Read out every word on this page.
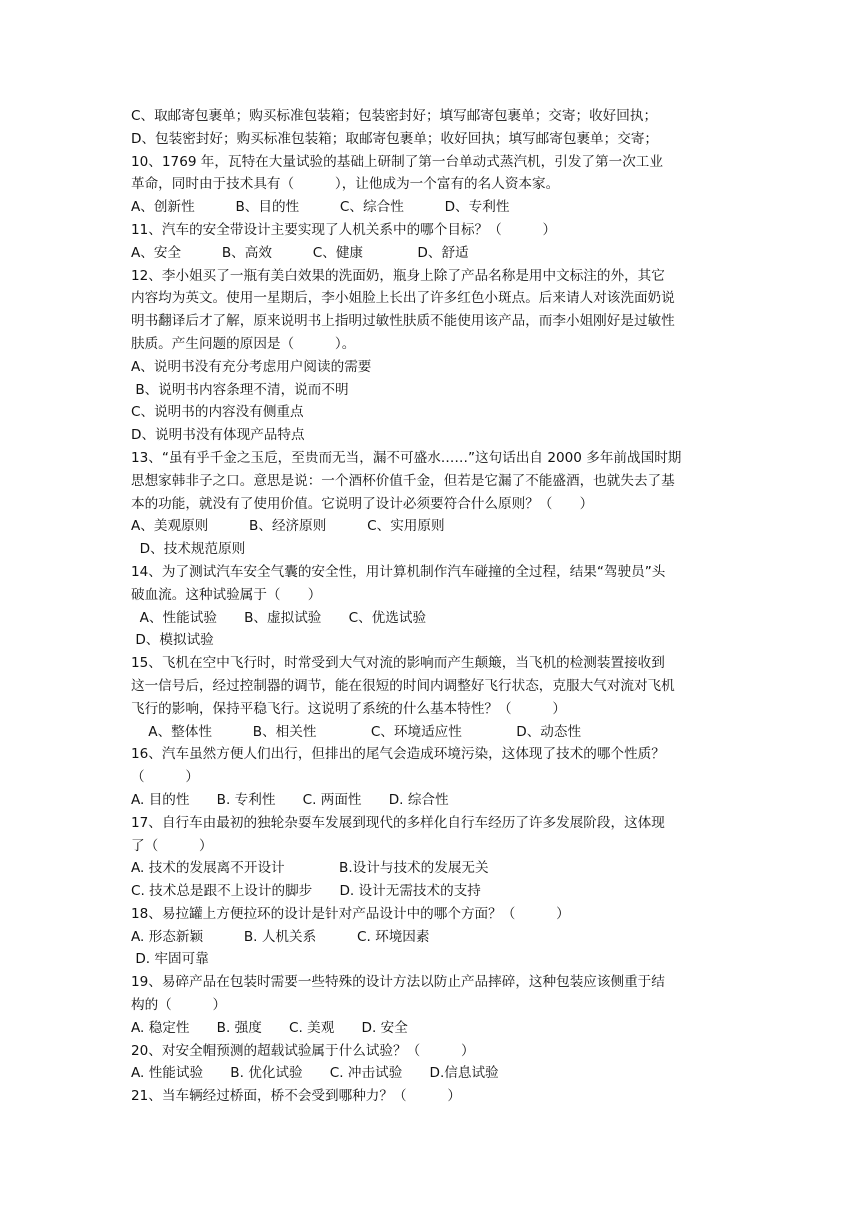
C、取邮寄包裹单；购买标准包装箱；包装密封好；填写邮寄包裹单；交寄；收好回执；
D、包装密封好；购买标准包装箱；取邮寄包裹单；收好回执；填写邮寄包裹单；交寄；
10、1769 年，瓦特在大量试验的基础上研制了第一台单动式蒸汽机，引发了第一次工业
革命，同时由于技术具有（　　　），让他成为一个富有的名人资本家。
A、创新性　　　B、目的性　　　C、综合性　　　D、专利性
11、汽车的安全带设计主要实现了人机关系中的哪个目标？（　　　）
A、安全　　　B、高效　　　C、健康　　　　D、舒适
12、李小姐买了一瓶有美白效果的洗面奶，瓶身上除了产品名称是用中文标注的外，其它
内容均为英文。使用一星期后，李小姐脸上长出了许多红色小斑点。后来请人对该洗面奶说
明书翻译后才了解，原来说明书上指明过敏性肤质不能使用该产品，而李小姐刚好是过敏性
肤质。产生问题的原因是（　　　）。
A、说明书没有充分考虑用户阅读的需要
B、说明书内容条理不清，说而不明
C、说明书的内容没有侧重点
D、说明书没有体现产品特点
13、“虽有乎千金之玉卮，至贵而无当，漏不可盛水……”这句话出自 2000 多年前战国时期
思想家韩非子之口。意思是说：一个酒杯价值千金，但若是它漏了不能盛酒，也就失去了基
本的功能，就没有了使用价值。它说明了设计必须要符合什么原则？（　　）
A、美观原则　　　B、经济原则　　　C、实用原则
D、技术规范原则
14、为了测试汽车安全气囊的安全性，用计算机制作汽车碰撞的全过程，结果“驾驶员”头
破血流。这种试验属于（　　）
A、性能试验　　B、虚拟试验　　C、优选试验
D、模拟试验
15、飞机在空中飞行时，时常受到大气对流的影响而产生颠簸，当飞机的检测装置接收到
这一信号后，经过控制器的调节，能在很短的时间内调整好飞行状态，克服大气对流对飞机
飞行的影响，保持平稳飞行。这说明了系统的什么基本特性？（　　　）
A、整体性　　　B、相关性　　　　C、环境适应性　　　　D、动态性
16、汽车虽然方便人们出行，但排出的尾气会造成环境污染，这体现了技术的哪个性质？
（　　　）
A. 目的性　　B. 专利性　　C. 两面性　　D. 综合性
17、自行车由最初的独轮杂耍车发展到现代的多样化自行车经历了许多发展阶段，这体现
了（　　　）
A. 技术的发展离不开设计　　　　B.设计与技术的发展无关
C. 技术总是跟不上设计的脚步　　D. 设计无需技术的支持
18、易拉罐上方便拉环的设计是针对产品设计中的哪个方面？（　　　）
A. 形态新颖　　　B. 人机关系　　　C. 环境因素
D. 牢固可靠
19、易碎产品在包装时需要一些特殊的设计方法以防止产品摔碎，这种包装应该侧重于结
构的（　　　）
A. 稳定性　　B. 强度　　C. 美观　　D. 安全
20、对安全帽预测的超载试验属于什么试验？（　　　）
A. 性能试验　　B. 优化试验　　C. 冲击试验　　D.信息试验
21、当车辆经过桥面，桥不会受到哪种力？（　　　）
